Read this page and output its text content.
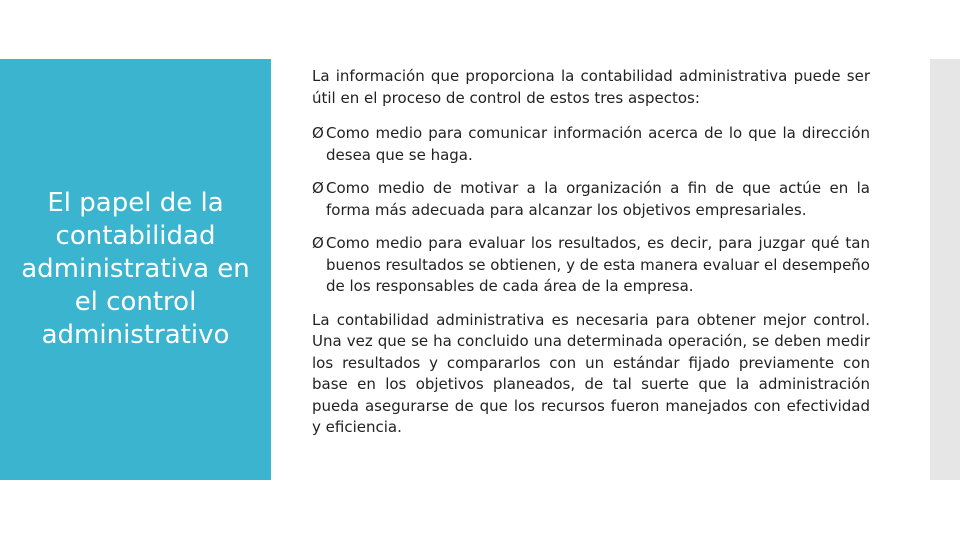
El papel de la contabilidad administrativa en el control administrativo

La información que proporciona la contabilidad administrativa puede ser útil en el proceso de control de estos tres aspectos:

Ø Como medio para comunicar información acerca de lo que la dirección desea que se haga.
Ø Como medio de motivar a la organización a fin de que actúe en la forma más adecuada para alcanzar los objetivos empresariales.
Ø Como medio para evaluar los resultados, es decir, para juzgar qué tan buenos resultados se obtienen, y de esta manera evaluar el desempeño de los responsables de cada área de la empresa.

La contabilidad administrativa es necesaria para obtener mejor control. Una vez que se ha concluido una determinada operación, se deben medir los resultados y compararlos con un estándar fijado previamente con base en los objetivos planeados, de tal suerte que la administración pueda asegurarse de que los recursos fueron manejados con efectividad y eficiencia.
